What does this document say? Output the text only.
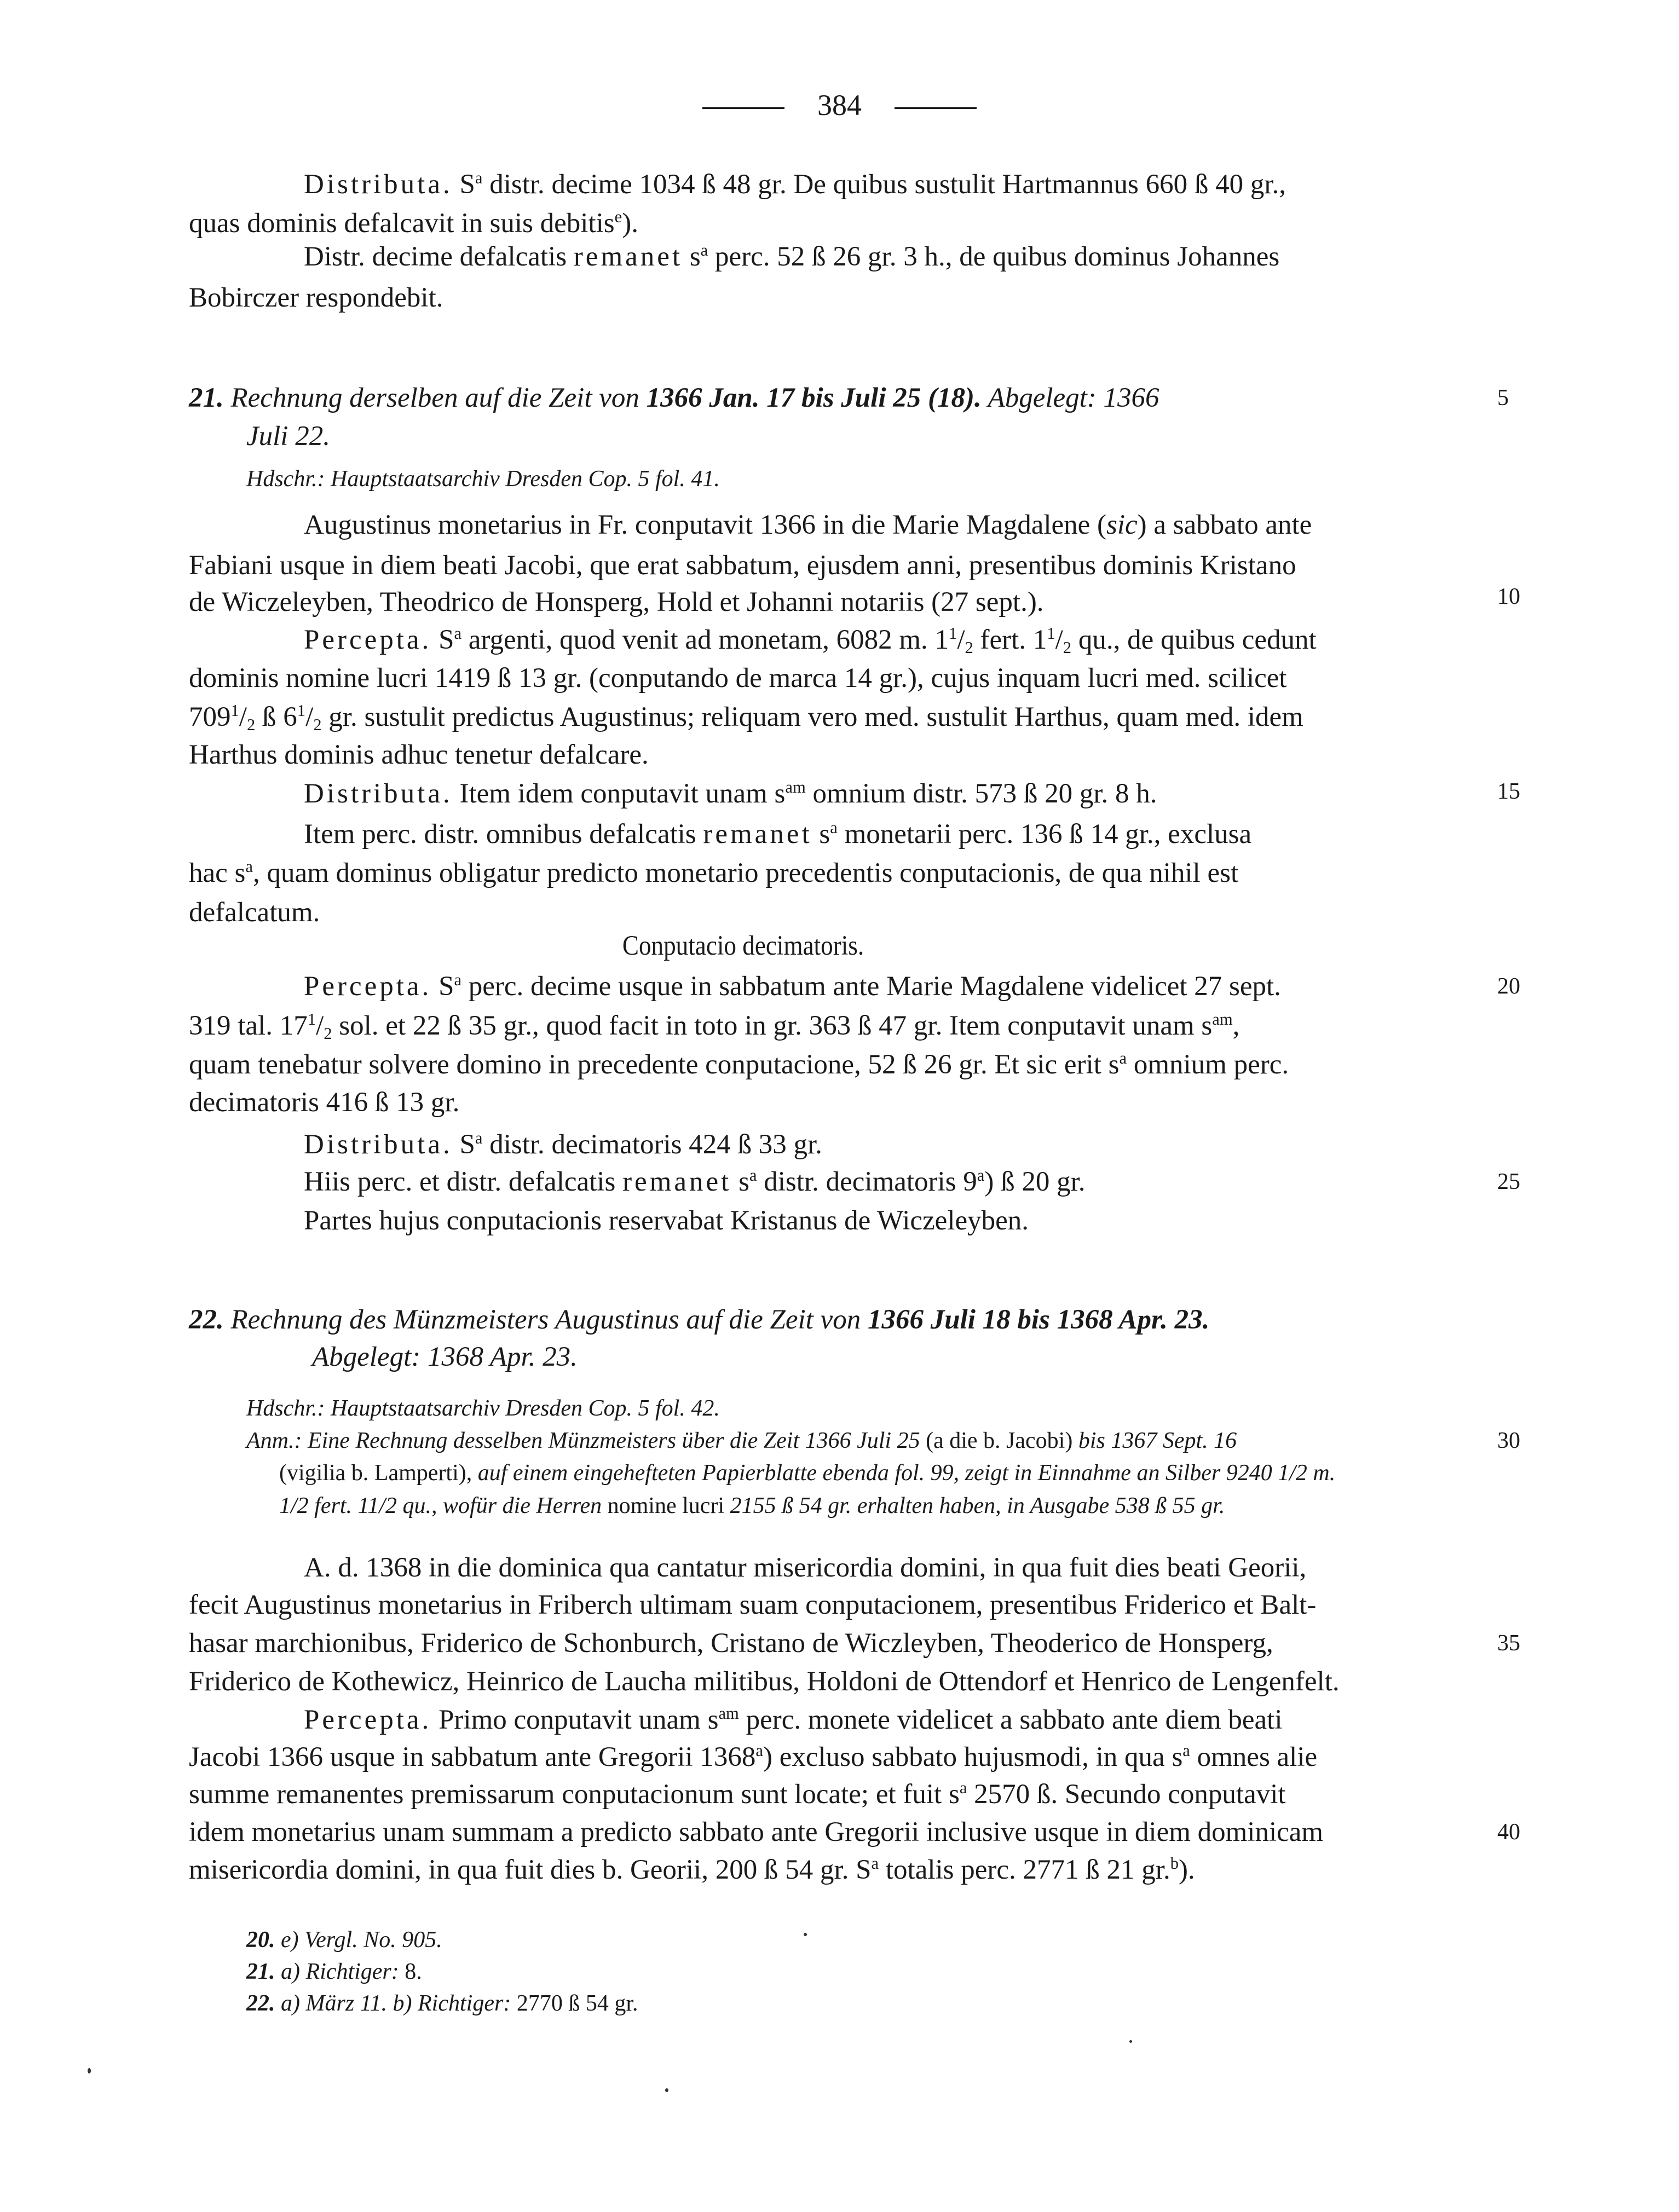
384
Distributa. $S^a$ distr. decime 1034 ß 48 gr. De quibus sustulit Hartmannus 660 ß 40 gr.,
quas dominis defalcavit in suis debitis$^e$).
Distr. decime defalcatis remanet $s^a$ perc. 52 ß 26 gr. 3 h., de quibus dominus Johannes
Bobirczer respondebit.
21. Rechnung derselben auf die Zeit von 1366 Jan. 17 bis Juli 25 (18). Abgelegt: 1366	5
Juli 22.
Hdschr.: Hauptstaatsarchiv Dresden Cop. 5 fol. 41.
Augustinus monetarius in Fr. conputavit 1366 in die Marie Magdalene (sic) a sabbato ante
Fabiani usque in diem beati Jacobi, que erat sabbatum, ejusdem anni, presentibus dominis Kristano
de Wiczeleyben, Theodrico de Honsperg, Hold et Johanni notariis (27 sept.).	10
Percepta. $S^a$ argenti, quod venit ad monetam, 6082 m. $1^1/_2$ fert. $1^1/_2$ qu., de quibus cedunt
dominis nomine lucri 1419 ß 13 gr. (conputando de marca 14 gr.), cujus inquam lucri med. scilicet
$709^1/_2$ ß $6^1/_2$ gr. sustulit predictus Augustinus; reliquam vero med. sustulit Harthus, quam med. idem
Harthus dominis adhuc tenetur defalcare.
Distributa. Item idem conputavit unam $s^{am}$ omnium distr. 573 ß 20 gr. 8 h.	15
Item perc. distr. omnibus defalcatis remanet $s^a$ monetarii perc. 136 ß 14 gr., exclusa
hac $s^a$, quam dominus obligatur predicto monetario precedentis conputacionis, de qua nihil est
defalcatum.
Conputacio decimatoris.
Percepta. $S^a$ perc. decime usque in sabbatum ante Marie Magdalene videlicet 27 sept.	20
319 tal. $17^1/_2$ sol. et 22 ß 35 gr., quod facit in toto in gr. 363 ß 47 gr. Item conputavit unam $s^{am}$,
quam tenebatur solvere domino in precedente conputacione, 52 ß 26 gr. Et sic erit $s^a$ omnium perc.
decimatoris 416 ß 13 gr.
Distributa. $S^a$ distr. decimatoris 424 ß 33 gr.
Hiis perc. et distr. defalcatis remanet $s^a$ distr. decimatoris 9$^a$) ß 20 gr.	25
Partes hujus conputacionis reservabat Kristanus de Wiczeleyben.
22. Rechnung des Münzmeisters Augustinus auf die Zeit von 1366 Juli 18 bis 1368 Apr. 23.
Abgelegt: 1368 Apr. 23.
Hdschr.: Hauptstaatsarchiv Dresden Cop. 5 fol. 42.
Anm.: Eine Rechnung desselben Münzmeisters über die Zeit 1366 Juli 25 (a die b. Jacobi) bis 1367 Sept. 16	30
(vigilia b. Lamperti), auf einem eingehefteten Papierblatte ebenda fol. 99, zeigt in Einnahme an Silber 9240 1/2 m.
1/2 fert. 11/2 qu., wofür die Herren nomine lucri 2155 ß 54 gr. erhalten haben, in Ausgabe 538 ß 55 gr.
A. d. 1368 in die dominica qua cantatur misericordia domini, in qua fuit dies beati Georii,
fecit Augustinus monetarius in Friberch ultimam suam conputacionem, presentibus Friderico et Balt-
hasar marchionibus, Friderico de Schonburch, Cristano de Wiczleyben, Theoderico de Honsperg,	35
Friderico de Kothewicz, Heinrico de Laucha militibus, Holdoni de Ottendorf et Henrico de Lengenfelt.
Percepta. Primo conputavit unam $s^{am}$ perc. monete videlicet a sabbato ante diem beati
Jacobi 1366 usque in sabbatum ante Gregorii 1368$^a$) excluso sabbato hujusmodi, in qua $s^a$ omnes alie
summe remanentes premissarum conputacionum sunt locate; et fuit $s^a$ 2570 ß. Secundo conputavit
idem monetarius unam summam a predicto sabbato ante Gregorii inclusive usque in diem dominicam	40
misericordia domini, in qua fuit dies b. Georii, 200 ß 54 gr. $S^a$ totalis perc. 2771 ß 21 gr.$^b$).
20. e) Vergl. No. 905.
21. a) Richtiger: 8.
22. a) März 11. b) Richtiger: 2770 ß 54 gr.
